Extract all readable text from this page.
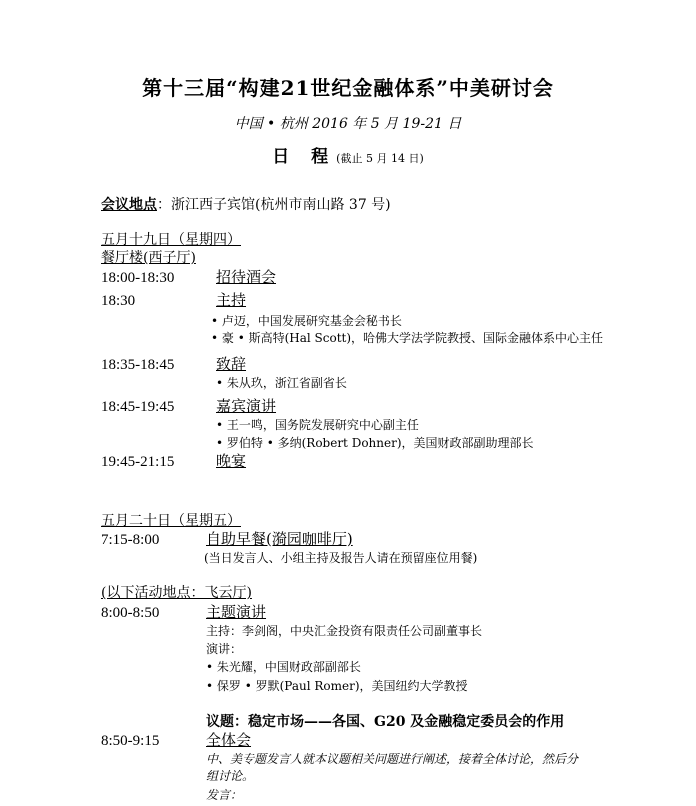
第十三届“构建21世纪金融体系”中美研讨会
中国 • 杭州 2016 年 5 月 19-21 日
日 程(截止 5 月 14 日)
会议地点：浙江西子宾馆(杭州市南山路 37 号)
五月十九日（星期四）
餐厅楼(西子厅)
18:00-18:30	招待酒会
18:30	主持
• 卢迈，中国发展研究基金会秘书长
• 豪 • 斯高特(Hal Scott)，哈佛大学法学院教授、国际金融体系中心主任
18:35-18:45	致辞
• 朱从玖，浙江省副省长
18:45-19:45	嘉宾演讲
• 王一鸣，国务院发展研究中心副主任
• 罗伯特 • 多纳(Robert Dohner)，美国财政部副助理部长
19:45-21:15	晚宴
五月二十日（星期五）
7:15-8:00	自助早餐(漪园咖啡厅)
(当日发言人、小组主持及报告人请在预留座位用餐)
(以下活动地点：飞云厅)
8:00-8:50	主题演讲
主持：李剑阁，中央汇金投资有限责任公司副董事长
演讲：
• 朱光耀，中国财政部副部长
• 保罗 • 罗默(Paul Romer)，美国纽约大学教授
议题：稳定市场——各国、G20 及金融稳定委员会的作用
8:50-9:15	全体会
中、美专题发言人就本议题相关问题进行阐述，接着全体讨论，然后分
组讨论。
发言：
